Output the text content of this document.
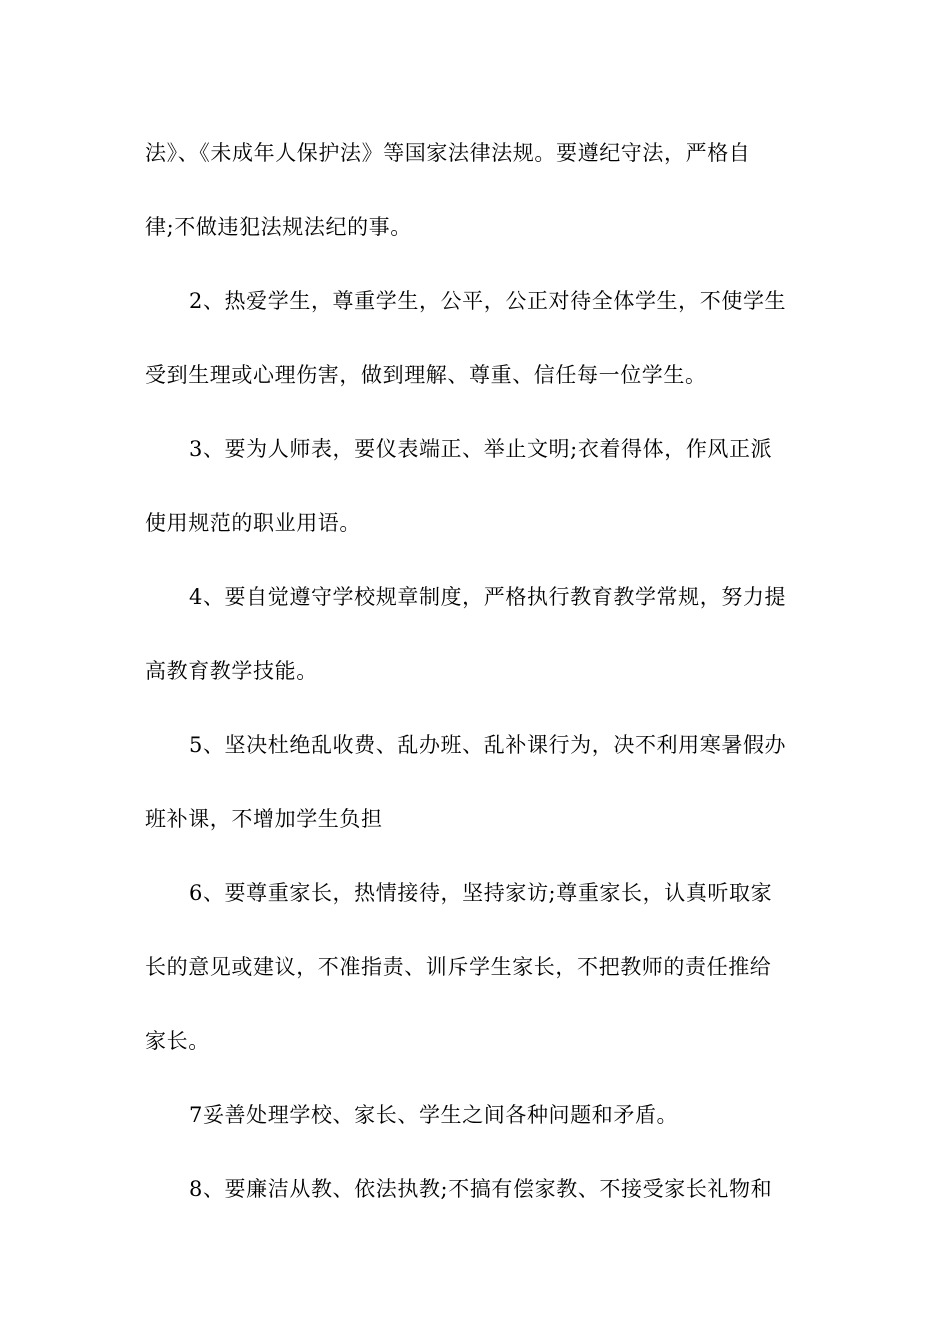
法》、《未成年人保护法》等国家法律法规。要遵纪守法，严格自
律;不做违犯法规法纪的事。
2、热爱学生，尊重学生，公平，公正对待全体学生，不使学生
受到生理或心理伤害，做到理解、尊重、信任每一位学生。
3、要为人师表，要仪表端正、举止文明;衣着得体，作风正派
使用规范的职业用语。
4、要自觉遵守学校规章制度，严格执行教育教学常规，努力提
高教育教学技能。
5、坚决杜绝乱收费、乱办班、乱补课行为，决不利用寒暑假办
班补课，不增加学生负担
6、要尊重家长，热情接待，坚持家访;尊重家长，认真听取家
长的意见或建议，不准指责、训斥学生家长，不把教师的责任推给
家长。
7妥善处理学校、家长、学生之间各种问题和矛盾。
8、要廉洁从教、依法执教;不搞有偿家教、不接受家长礼物和
